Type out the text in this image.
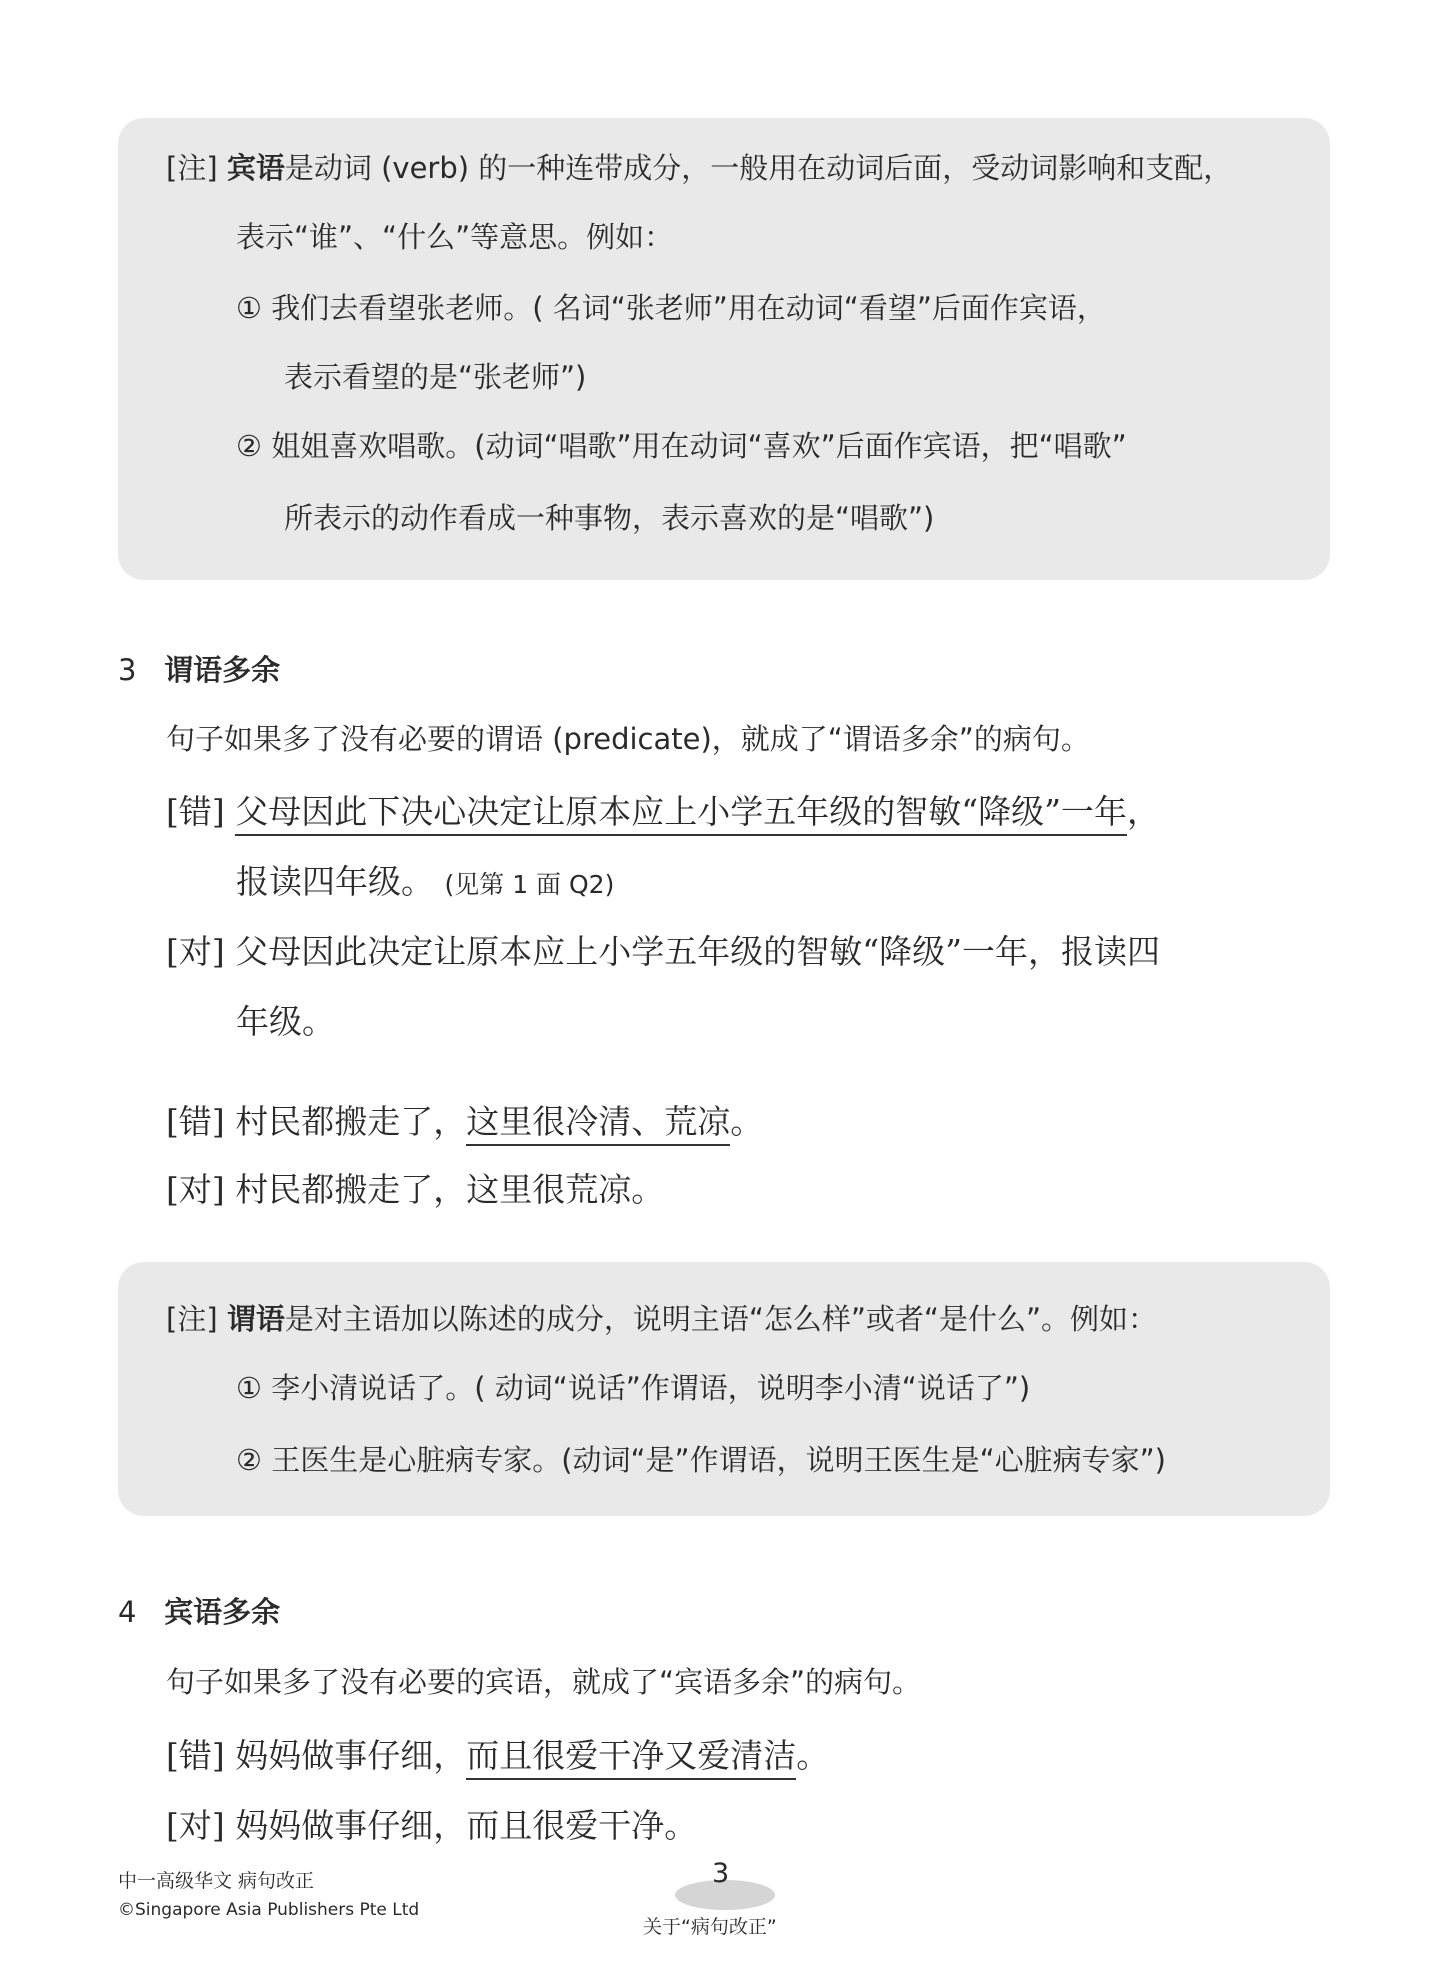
[注] 宾语是动词 (verb) 的一种连带成分，一般用在动词后面，受动词影响和支配，
表示“谁”、“什么”等意思。例如：
① 我们去看望张老师。( 名词“张老师”用在动词“看望”后面作宾语，
表示看望的是“张老师”)
② 姐姐喜欢唱歌。(动词“唱歌”用在动词“喜欢”后面作宾语，把“唱歌”
所表示的动作看成一种事物，表示喜欢的是“唱歌”)
3 谓语多余
句子如果多了没有必要的谓语 (predicate)，就成了“谓语多余”的病句。
[错] 父母因此下决心决定让原本应上小学五年级的智敏“降级”一年，
报读四年级。 (见第 1 面 Q2)
[对] 父母因此决定让原本应上小学五年级的智敏“降级”一年，报读四
年级。
[错] 村民都搬走了，这里很冷清、荒凉。
[对] 村民都搬走了，这里很荒凉。
[注] 谓语是对主语加以陈述的成分，说明主语“怎么样”或者“是什么”。例如：
① 李小清说话了。( 动词“说话”作谓语，说明李小清“说话了”)
② 王医生是心脏病专家。(动词“是”作谓语，说明王医生是“心脏病专家”)
4 宾语多余
句子如果多了没有必要的宾语，就成了“宾语多余”的病句。
[错] 妈妈做事仔细，而且很爱干净又爱清洁。
[对] 妈妈做事仔细，而且很爱干净。
中一高级华文 病句改正
©Singapore Asia Publishers Pte Ltd
3
关于“病句改正”
